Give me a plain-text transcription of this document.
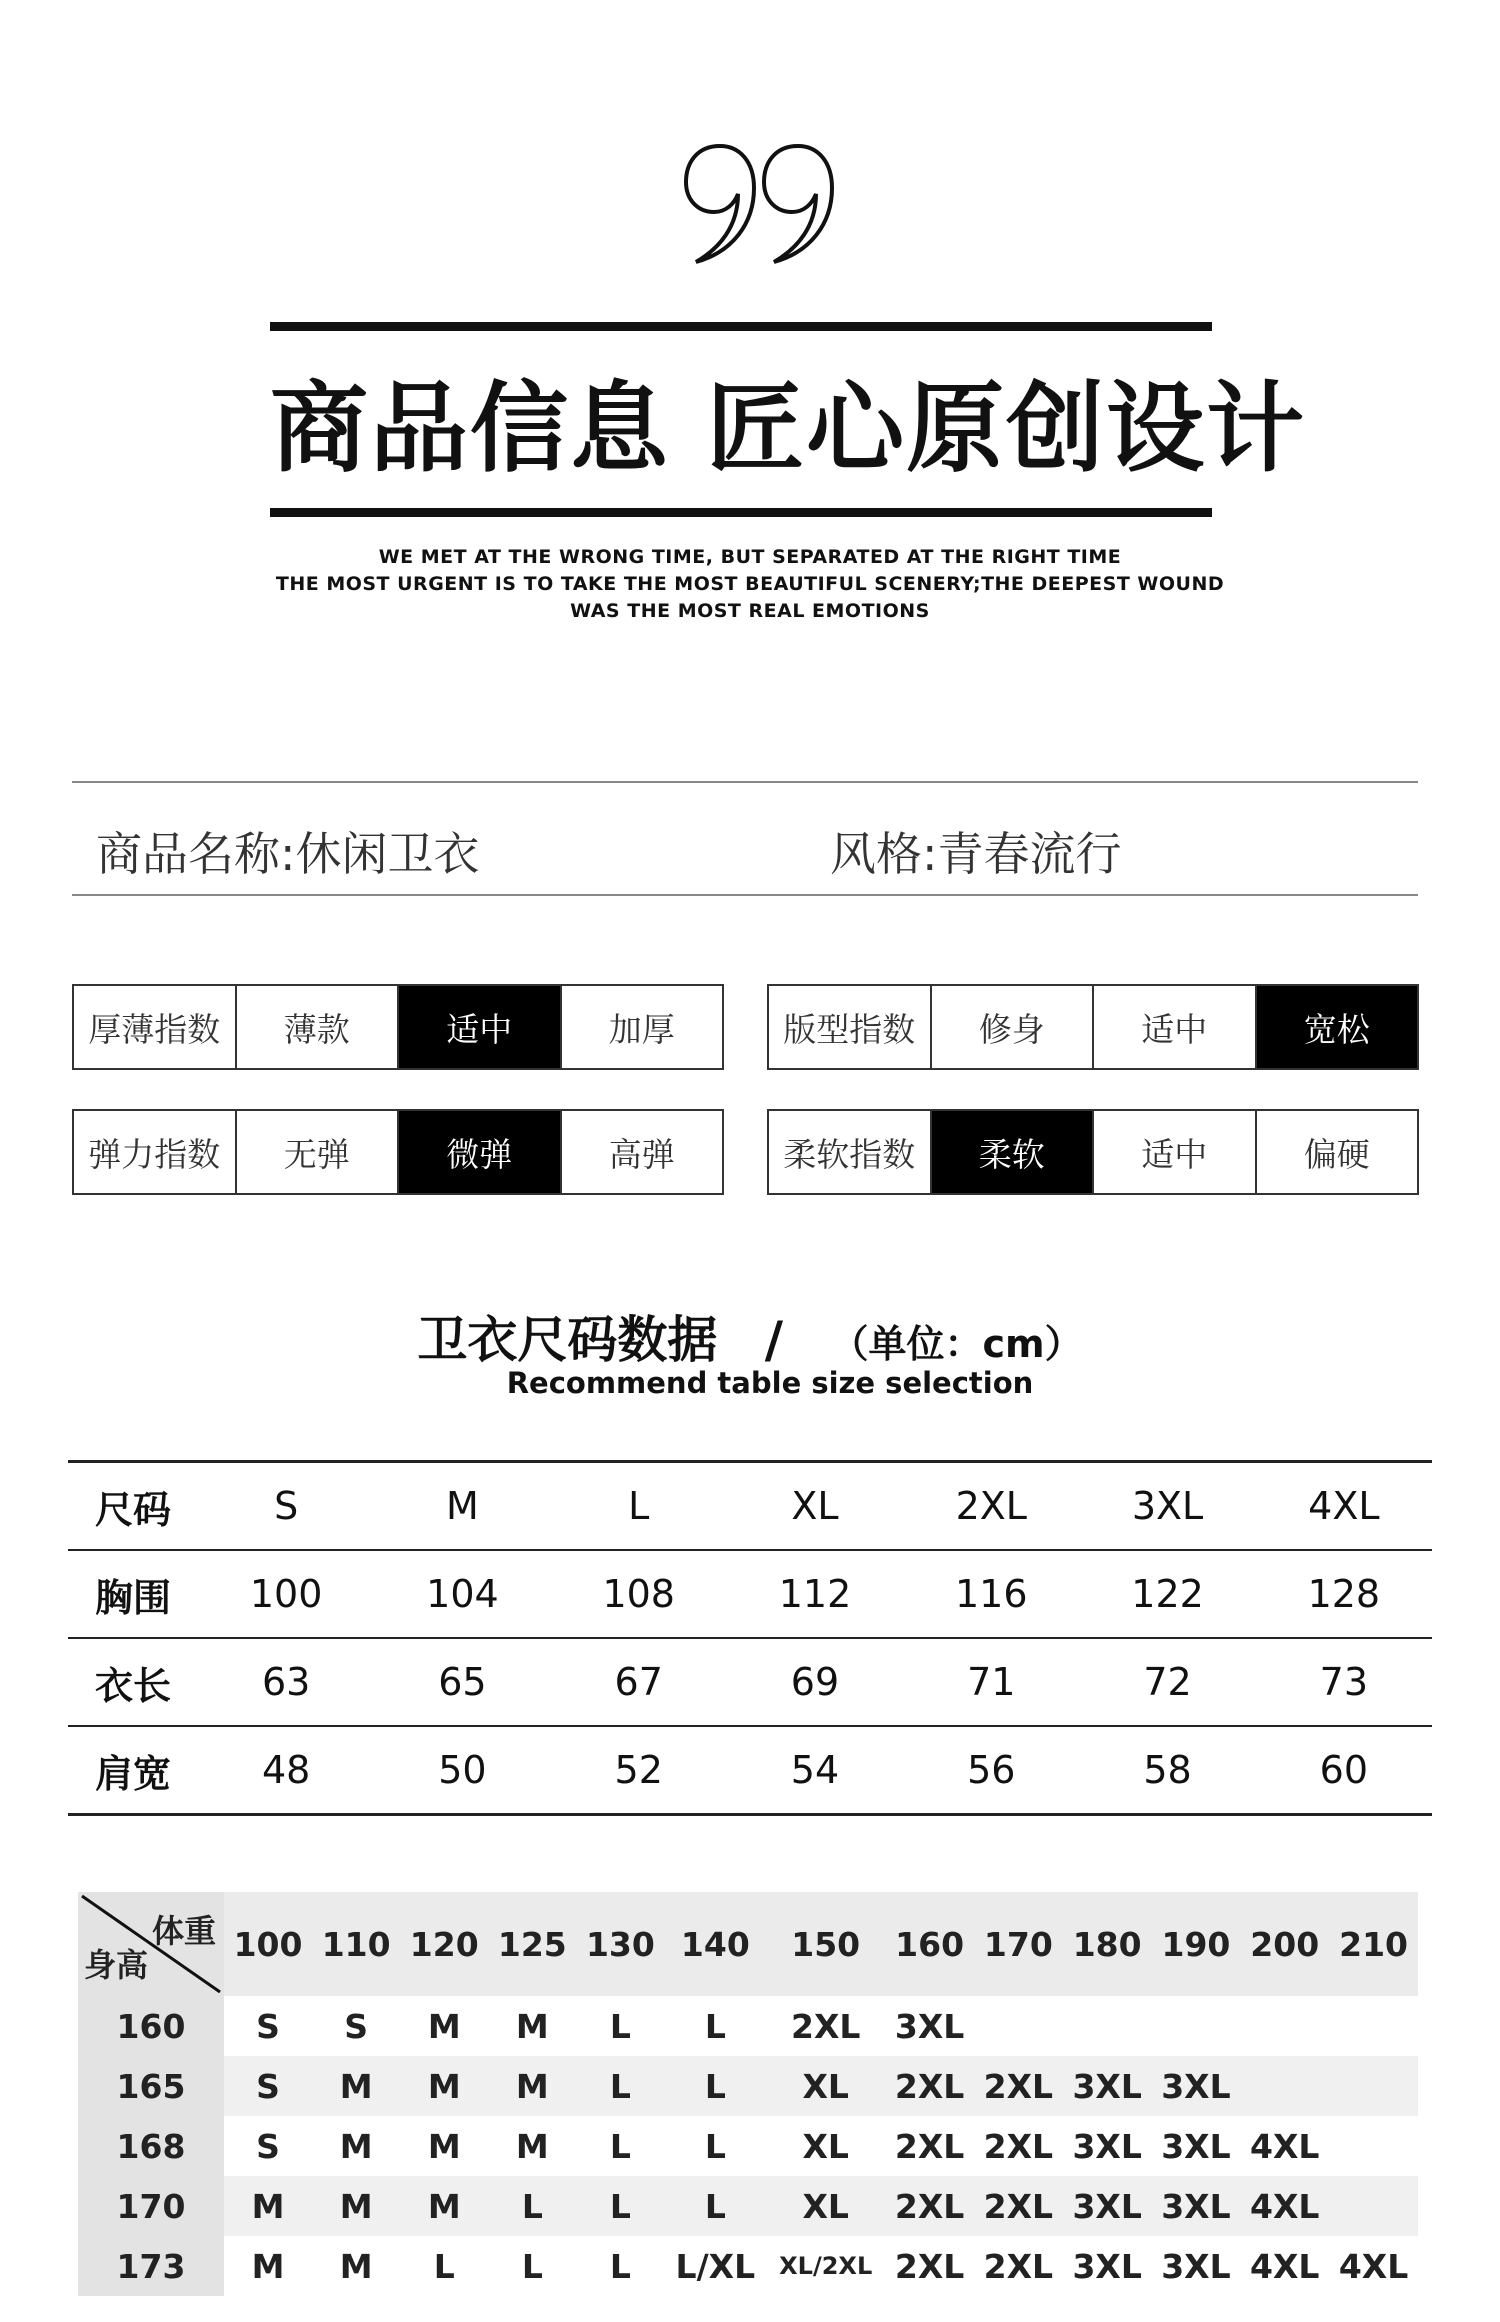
商品信息 匠心原创设计
WE MET AT THE WRONG TIME, BUT SEPARATED AT THE RIGHT TIME
THE MOST URGENT IS TO TAKE THE MOST BEAUTIFUL SCENERY;THE DEEPEST WOUND
WAS THE MOST REAL EMOTIONS
商品名称:休闲卫衣	风格:青春流行
厚薄指数	薄款	适中	加厚	版型指数	修身	适中	宽松
弹力指数	无弹	微弹	高弹	柔软指数	柔软	适中	偏硬
卫衣尺码数据 / （单位：cm）
Recommend table size selection
尺码	S	M	L	XL	2XL	3XL	4XL
胸围	100	104	108	112	116	122	128
衣长	63	65	67	69	71	72	73
肩宽	48	50	52	54	56	58	60
体重
身高	100	110	120	125	130	140	150	160	170	180	190	200	210
160	S	S	M	M	L	L	2XL	3XL					
165	S	M	M	M	L	L	XL	2XL	2XL	3XL	3XL		
168	S	M	M	M	L	L	XL	2XL	2XL	3XL	3XL	4XL	
170	M	M	M	L	L	L	XL	2XL	2XL	3XL	3XL	4XL	
173	M	M	L	L	L	L/XL	XL/2XL	2XL	2XL	3XL	3XL	4XL	4XL
